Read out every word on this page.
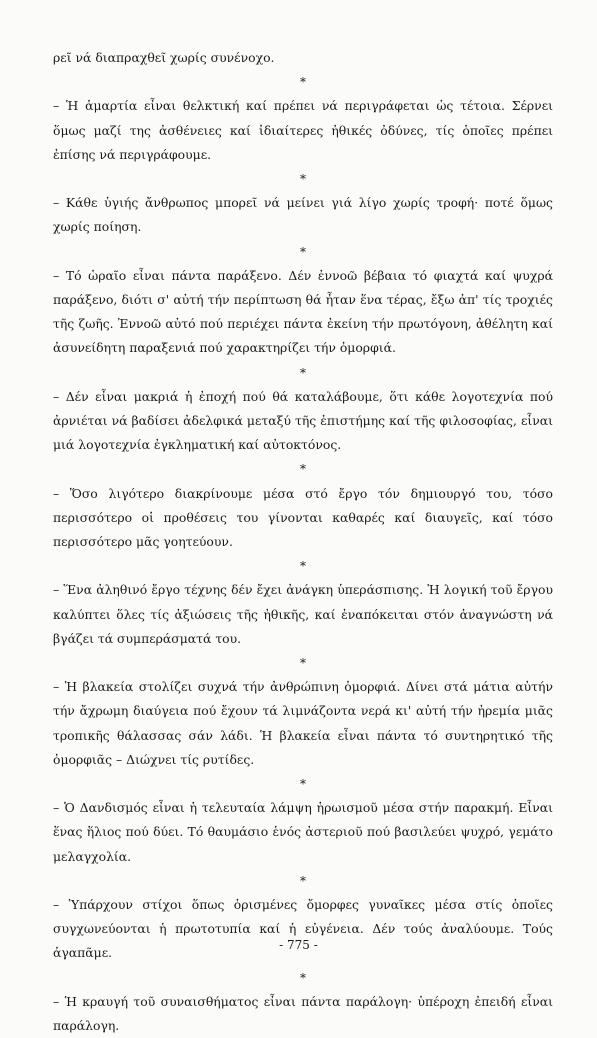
ρεῖ νά διαπραχθεῖ χωρίς συνένοχο.

*

– Ἡ ἁμαρτία εἶναι θελκτική καί πρέπει νά περιγράφεται ὡς τέτοια. Σέρνει ὅμως μαζί της ἀσθένειες καί ἰδιαίτερες ἠθικές ὀδύνες, τίς ὁποῖες πρέπει ἐπίσης νά περιγράφουμε.

*

– Κάθε ὑγιής ἄνθρωπος μπορεῖ νά μείνει γιά λίγο χωρίς τροφή· ποτέ ὅμως χωρίς ποίηση.

*

– Τό ὡραῖο εἶναι πάντα παράξενο. Δέν ἐννοῶ βέβαια τό φιαχτά καί ψυχρά παράξενο, διότι σ' αὐτή τήν περίπτωση θά ἦταν ἕνα τέρας, ἔξω ἀπ' τίς τροχιές τῆς ζωῆς. Ἐννοῶ αὐτό πού περιέχει πάντα ἐκείνη τήν πρωτόγονη, ἀθέλητη καί ἀσυνείδητη παραξενιά πού χαρακτηρίζει τήν ὀμορφιά.

*

– Δέν εἶναι μακριά ἡ ἐποχή πού θά καταλάβουμε, ὅτι κάθε λογοτεχνία πού ἀρνιέται νά βαδίσει ἀδελφικά μεταξύ τῆς ἐπιστήμης καί τῆς φιλοσοφίας, εἶναι μιά λογοτεχνία ἐγκληματική καί αὐτοκτόνος.

*

– Ὅσο λιγότερο διακρίνουμε μέσα στό ἔργο τόν δημιουργό του, τόσο περισσότερο οἱ προθέσεις του γίνονται καθαρές καί διαυγεῖς, καί τόσο περισσότερο μᾶς γοητεύουν.

*

– Ἕνα ἀληθινό ἔργο τέχνης δέν ἔχει ἀνάγκη ὑπεράσπισης. Ἡ λογική τοῦ ἔργου καλύπτει ὅλες τίς ἀξιώσεις τῆς ἠθικῆς, καί ἐναπόκειται στόν ἀναγνώστη νά βγάζει τά συμπεράσματά του.

*

– Ἡ βλακεία στολίζει συχνά τήν ἀνθρώπινη ὀμορφιά. Δίνει στά μάτια αὐτήν τήν ἄχρωμη διαύγεια πού ἔχουν τά λιμνάζοντα νερά κι' αὐτή τήν ἠρεμία μιᾶς τροπικῆς θάλασσας σάν λάδι. Ἡ βλακεία εἶναι πάντα τό συντηρητικό τῆς ὀμορφιᾶς – Διώχνει τίς ρυτίδες.

*

– Ὁ Δανδισμός εἶναι ἡ τελευταία λάμψη ἡρωισμοῦ μέσα στήν παρακμή. Εἶναι ἕνας ἥλιος πού δύει. Τό θαυμάσιο ἑνός ἀστεριοῦ πού βασιλεύει ψυχρό, γεμάτο μελαγχολία.

*

– Ὑπάρχουν στίχοι ὅπως ὁρισμένες ὄμορφες γυναῖκες μέσα στίς ὁποῖες συγχωνεύονται ἡ πρωτοτυπία καί ἡ εὐγένεια. Δέν τούς ἀναλύουμε. Τούς ἀγαπᾶμε.

*

– Ἡ κραυγή τοῦ συναισθήματος εἶναι πάντα παράλογη· ὑπέροχη ἐπειδή εἶναι παράλογη.

- 775 -
